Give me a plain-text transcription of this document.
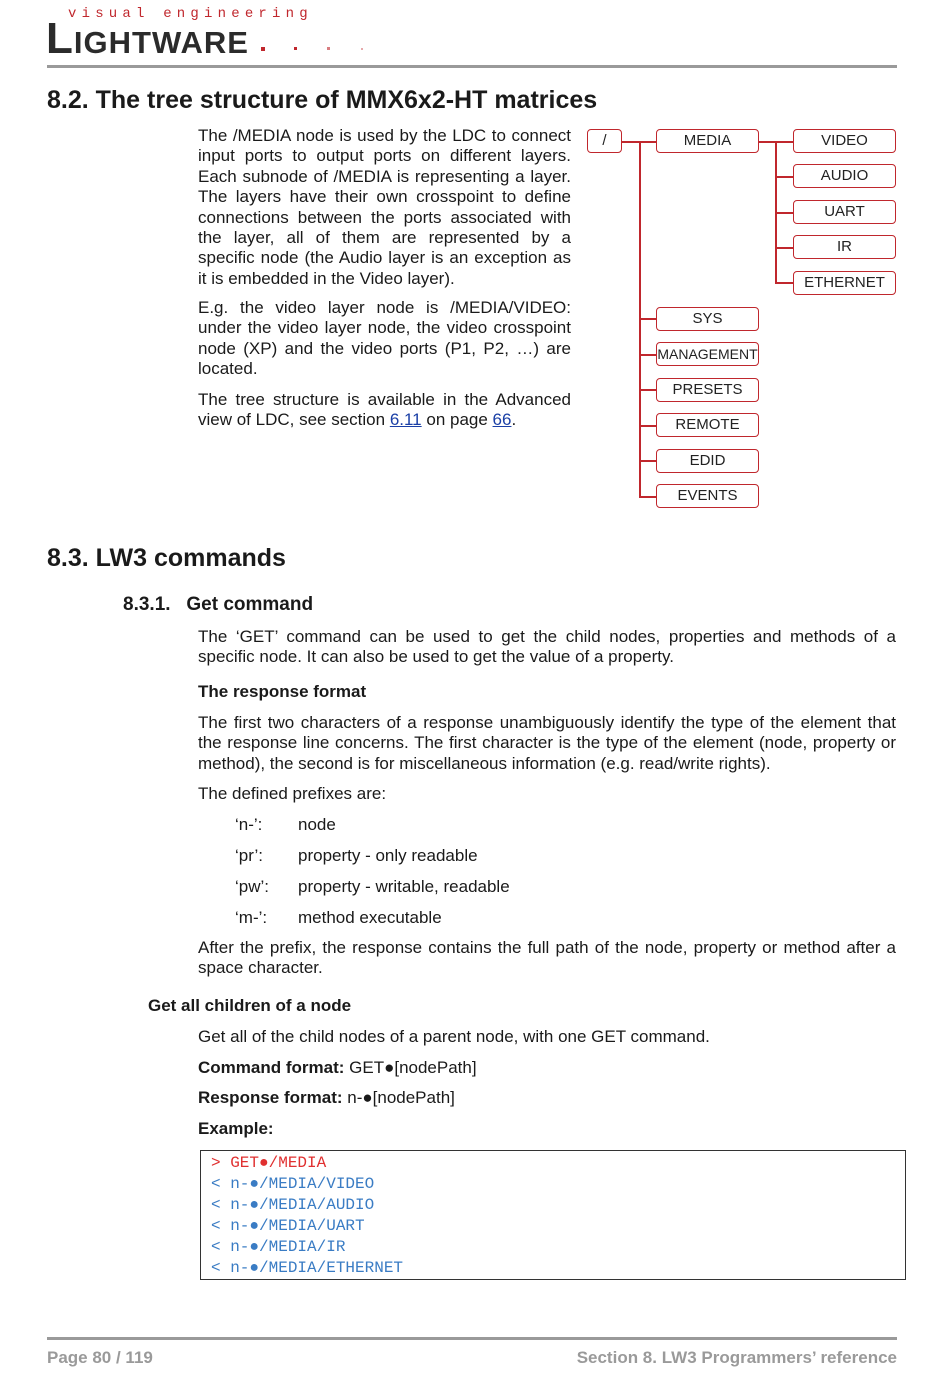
visual engineering
LIGHTWARE
8.2. The tree structure of MMX6x2-HT matrices

The /MEDIA node is used by the LDC to connect input ports to output ports on different layers. Each subnode of /MEDIA is representing a layer. The layers have their own crosspoint to define connections between the ports associated with the layer, all of them are represented by a specific node (the Audio layer is an exception as it is embedded in the Video layer).

E.g. the video layer node is /MEDIA/VIDEO: under the video layer node, the video crosspoint node (XP) and the video ports (P1, P2, …) are located.

The tree structure is available in the Advanced view of LDC, see section 6.11 on page 66.

/	MEDIA	VIDEO
AUDIO
UART
IR
ETHERNET
SYS
MANAGEMENT
PRESETS
REMOTE
EDID
EVENTS
8.3. LW3 commands
8.3.1.   Get command

The ‘GET’ command can be used to get the child nodes, properties and methods of a specific node. It can also be used to get the value of a property.

The response format

The first two characters of a response unambiguously identify the type of the element that the response line concerns. The first character is the type of the element (node, property or method), the second is for miscellaneous information (e.g. read/write rights).

The defined prefixes are:
‘n-’: node
‘pr’: property - only readable
‘pw’: property - writable, readable
‘m-’: method executable

After the prefix, the response contains the full path of the node, property or method after a space character.

Get all children of a node
Get all of the child nodes of a parent node, with one GET command.
Command format: GET●[nodePath]
Response format: n-●[nodePath]
Example:
> GET●/MEDIA
< n-●/MEDIA/VIDEO
< n-●/MEDIA/AUDIO
< n-●/MEDIA/UART
< n-●/MEDIA/IR
< n-●/MEDIA/ETHERNET
Page 80 / 119	Section 8. LW3 Programmers’ reference
